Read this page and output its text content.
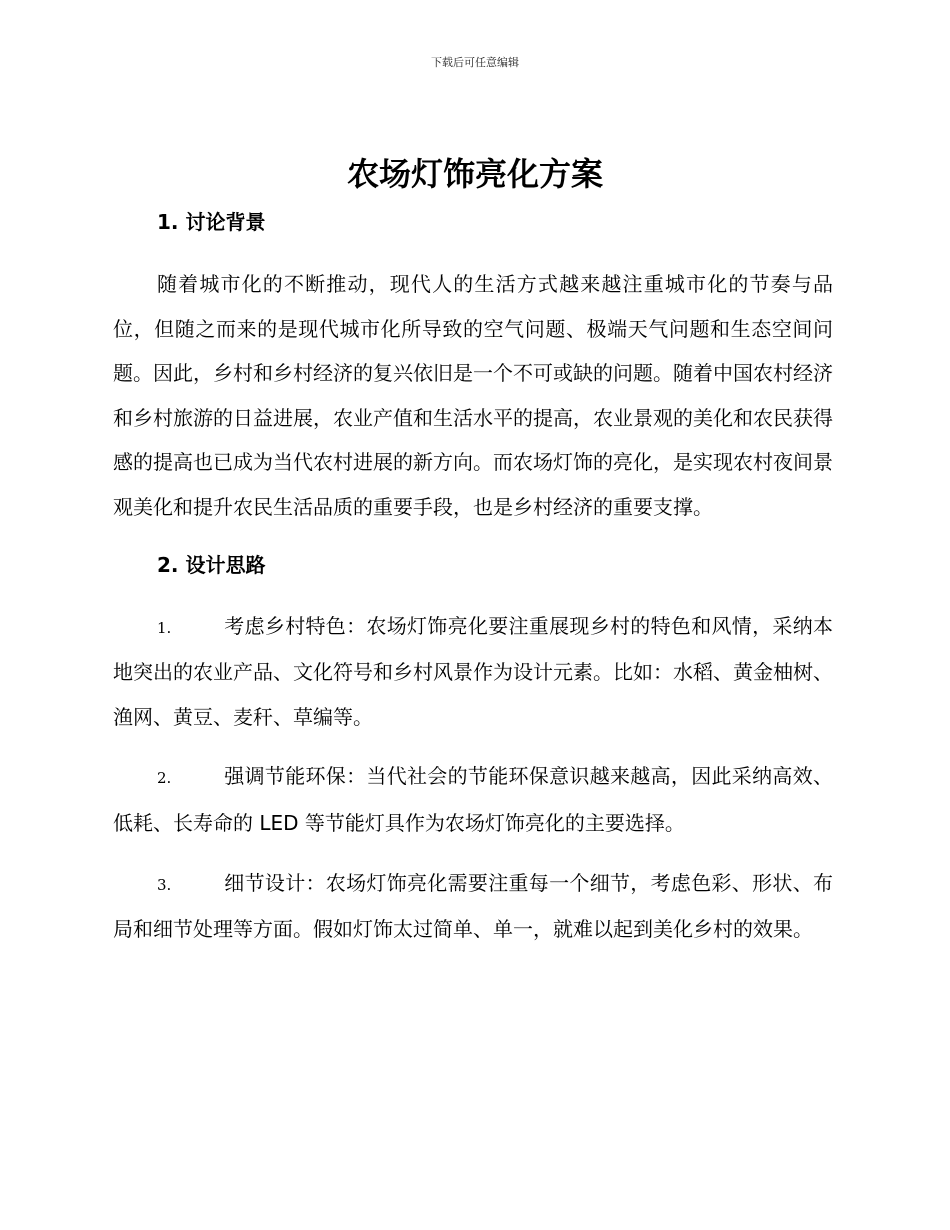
下载后可任意编辑
农场灯饰亮化方案
1. 讨论背景

随着城市化的不断推动，现代人的生活方式越来越注重城市化的节奏与品位，但随之而来的是现代城市化所导致的空气问题、极端天气问题和生态空间问题。因此，乡村和乡村经济的复兴依旧是一个不可或缺的问题。随着中国农村经济和乡村旅游的日益进展，农业产值和生活水平的提高，农业景观的美化和农民获得感的提高也已成为当代农村进展的新方向。而农场灯饰的亮化，是实现农村夜间景观美化和提升农民生活品质的重要手段，也是乡村经济的重要支撑。

2. 设计思路

1.	考虑乡村特色：农场灯饰亮化要注重展现乡村的特色和风情，采纳本地突出的农业产品、文化符号和乡村风景作为设计元素。比如：水稻、黄金柚树、渔网、黄豆、麦秆、草编等。

2.	强调节能环保：当代社会的节能环保意识越来越高，因此采纳高效、低耗、长寿命的 LED 等节能灯具作为农场灯饰亮化的主要选择。

3.	细节设计：农场灯饰亮化需要注重每一个细节，考虑色彩、形状、布局和细节处理等方面。假如灯饰太过简单、单一，就难以起到美化乡村的效果。
